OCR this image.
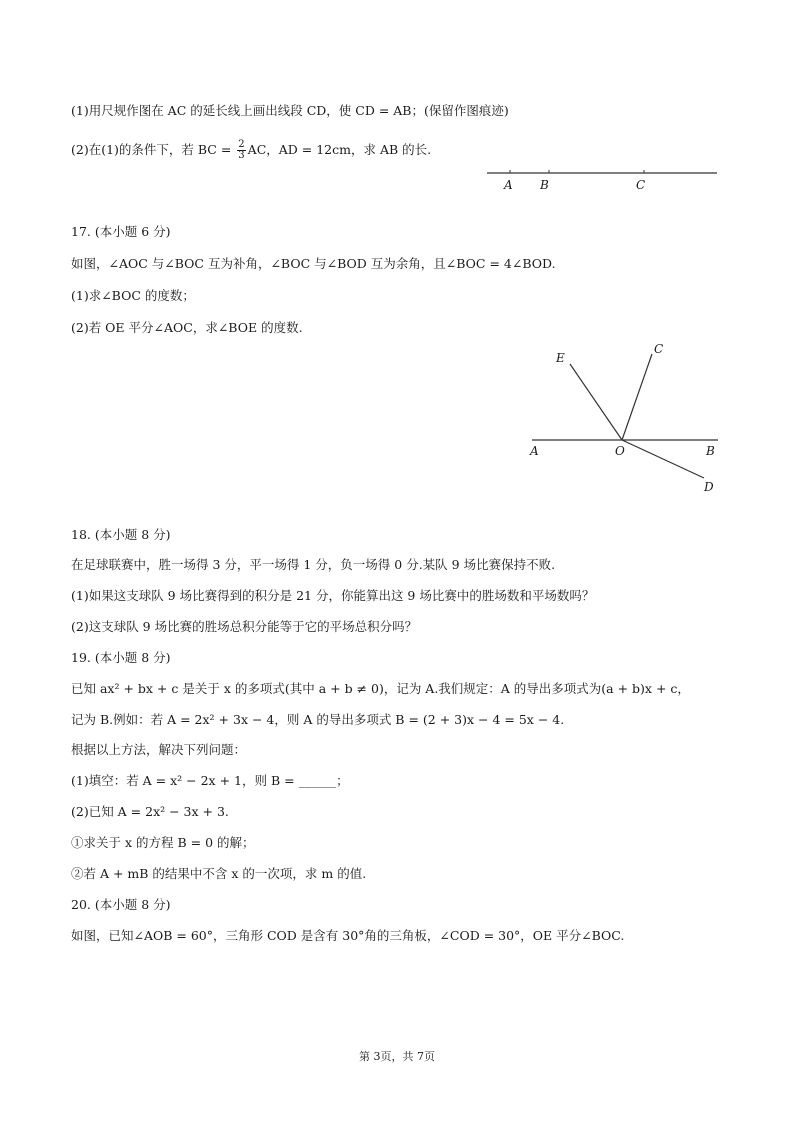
(1)用尺规作图在 AC 的延长线上画出线段 CD，使 CD = AB；(保留作图痕迹)
(2)在(1)的条件下，若 BC = $\frac{2}{3}$ AC，AD = 12cm，求 AB 的长.
A B	C
17. (本小题 6 分)
如图，∠AOC 与∠BOC 互为补角，∠BOC 与∠BOD 互为余角，且∠BOC = 4∠BOD.
(1)求∠BOC 的度数；
(2)若 OE 平分∠AOC，求∠BOE 的度数.
E
C
A	O	B
D
18. (本小题 8 分)
在足球联赛中，胜一场得 3 分，平一场得 1 分，负一场得 0 分.某队 9 场比赛保持不败.
(1)如果这支球队 9 场比赛得到的积分是 21 分，你能算出这 9 场比赛中的胜场数和平场数吗？
(2)这支球队 9 场比赛的胜场总积分能等于它的平场总积分吗？
19. (本小题 8 分)
已知 ax² + bx + c 是关于 x 的多项式(其中 a + b ≠ 0)，记为 A.我们规定：A 的导出多项式为(a + b)x + c，
记为 B.例如：若 A = 2x² + 3x − 4，则 A 的导出多项式 B = (2 + 3)x − 4 = 5x − 4.
根据以上方法，解决下列问题：
(1)填空：若 A = x² − 2x + 1，则 B = ______；
(2)已知 A = 2x² − 3x + 3.
①求关于 x 的方程 B = 0 的解；
②若 A + mB 的结果中不含 x 的一次项，求 m 的值.
20. (本小题 8 分)
如图，已知∠AOB = 60°，三角形 COD 是含有 30°角的三角板，∠COD = 30°，OE 平分∠BOC.
第 3页，共 7页
